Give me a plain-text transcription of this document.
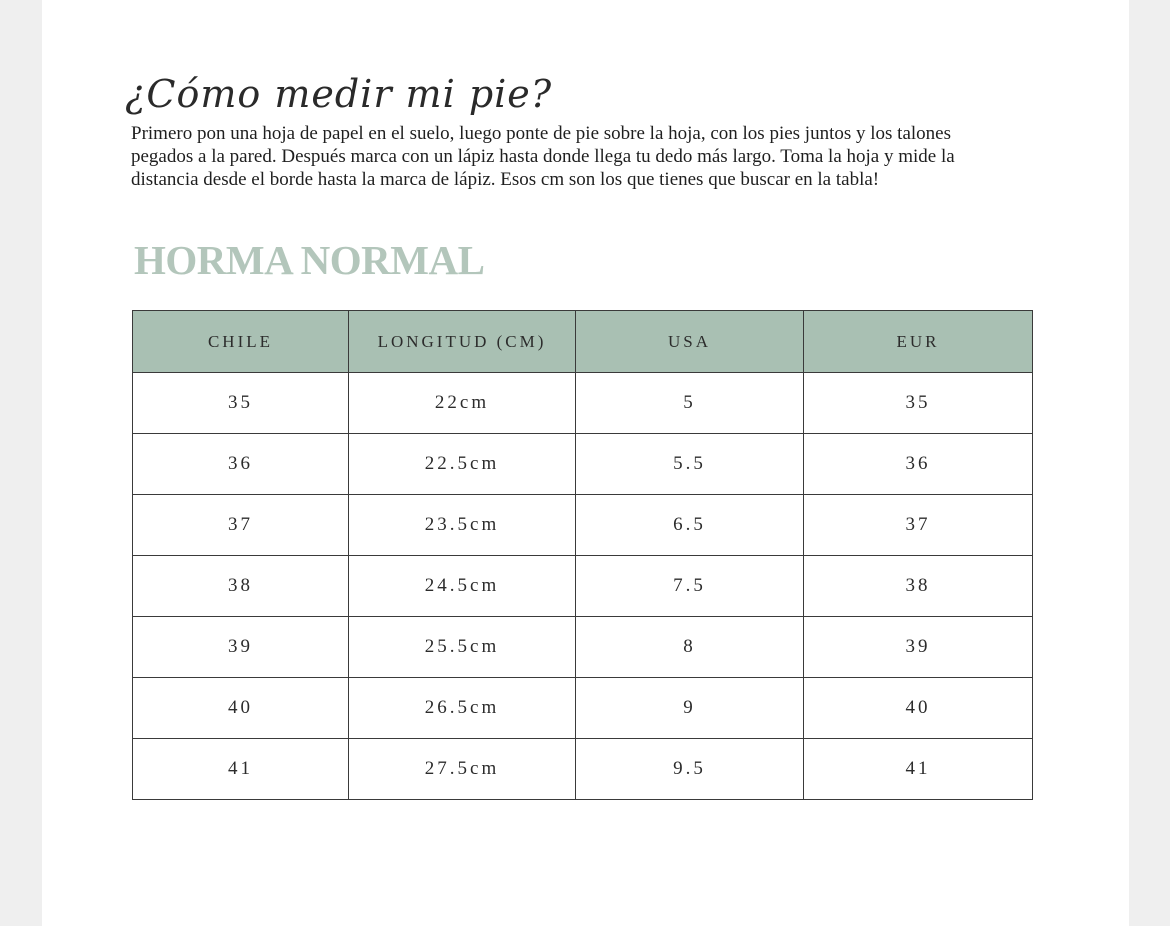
¿Cómo medir mi pie?

Primero pon una hoja de papel en el suelo, luego ponte de pie sobre la hoja, con los pies juntos y los talones pegados a la pared. Después marca con un lápiz hasta donde llega tu dedo más largo. Toma la hoja y mide la distancia desde el borde hasta la marca de lápiz. Esos cm son los que tienes que buscar en la tabla!

HORMA NORMAL
CHILE	LONGITUD (CM)	USA	EUR
35	22cm	5	35
36	22.5cm	5.5	36
37	23.5cm	6.5	37
38	24.5cm	7.5	38
39	25.5cm	8	39
40	26.5cm	9	40
41	27.5cm	9.5	41
